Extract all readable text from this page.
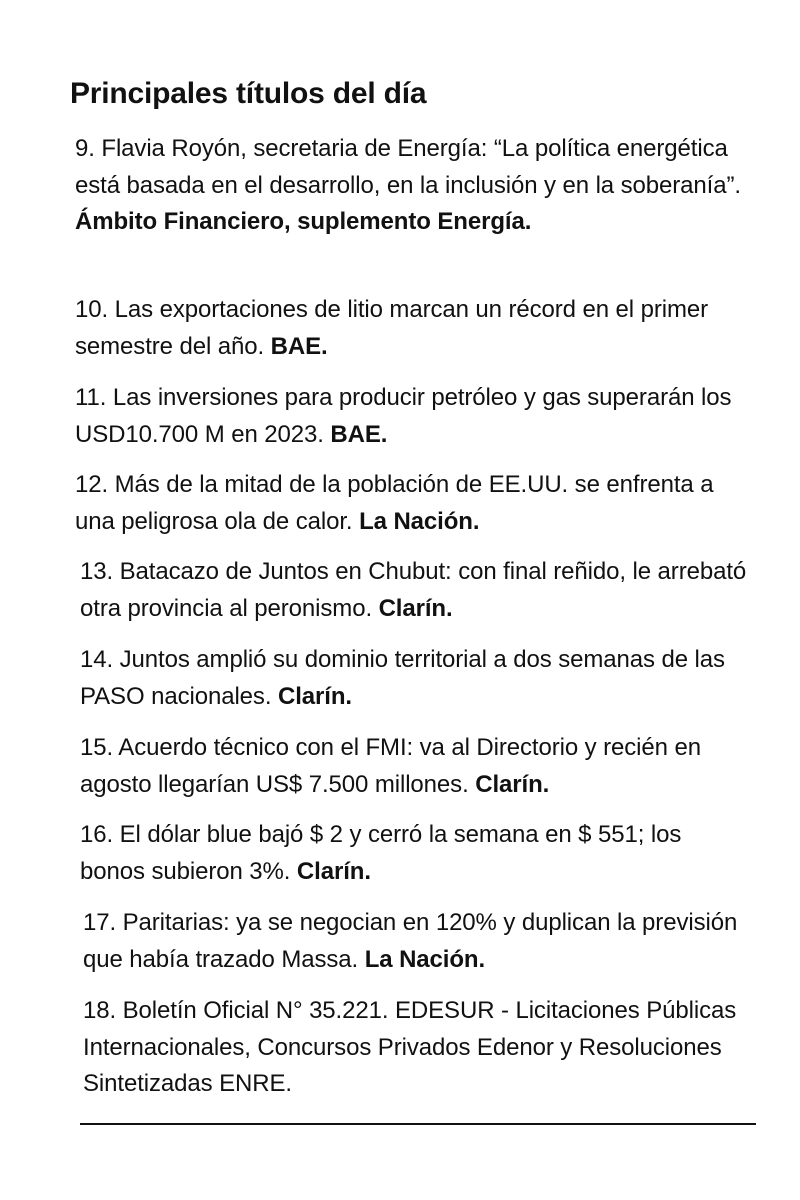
Principales títulos del día

9. Flavia Royón, secretaria de Energía: “La política energética está basada en el desarrollo, en la inclusión y en la soberanía”. Ámbito Financiero, suplemento Energía.

10. Las exportaciones de litio marcan un récord en el primer semestre del año. BAE.

11. Las inversiones para producir petróleo y gas superarán los USD10.700 M en 2023. BAE.

12. Más de la mitad de la población de EE.UU. se enfrenta a una peligrosa ola de calor. La Nación.

13. Batacazo de Juntos en Chubut: con final reñido, le arrebató otra provincia al peronismo. Clarín.

14. Juntos amplió su dominio territorial a dos semanas de las PASO nacionales. Clarín.

15. Acuerdo técnico con el FMI: va al Directorio y recién en agosto llegarían US$ 7.500 millones. Clarín.

16. El dólar blue bajó $ 2 y cerró la semana en $ 551; los bonos subieron 3%. Clarín.

17. Paritarias: ya se negocian en 120% y duplican la previsión que había trazado Massa. La Nación.

18. Boletín Oficial N° 35.221. EDESUR - Licitaciones Públicas Internacionales, Concursos Privados Edenor y Resoluciones Sintetizadas ENRE.
